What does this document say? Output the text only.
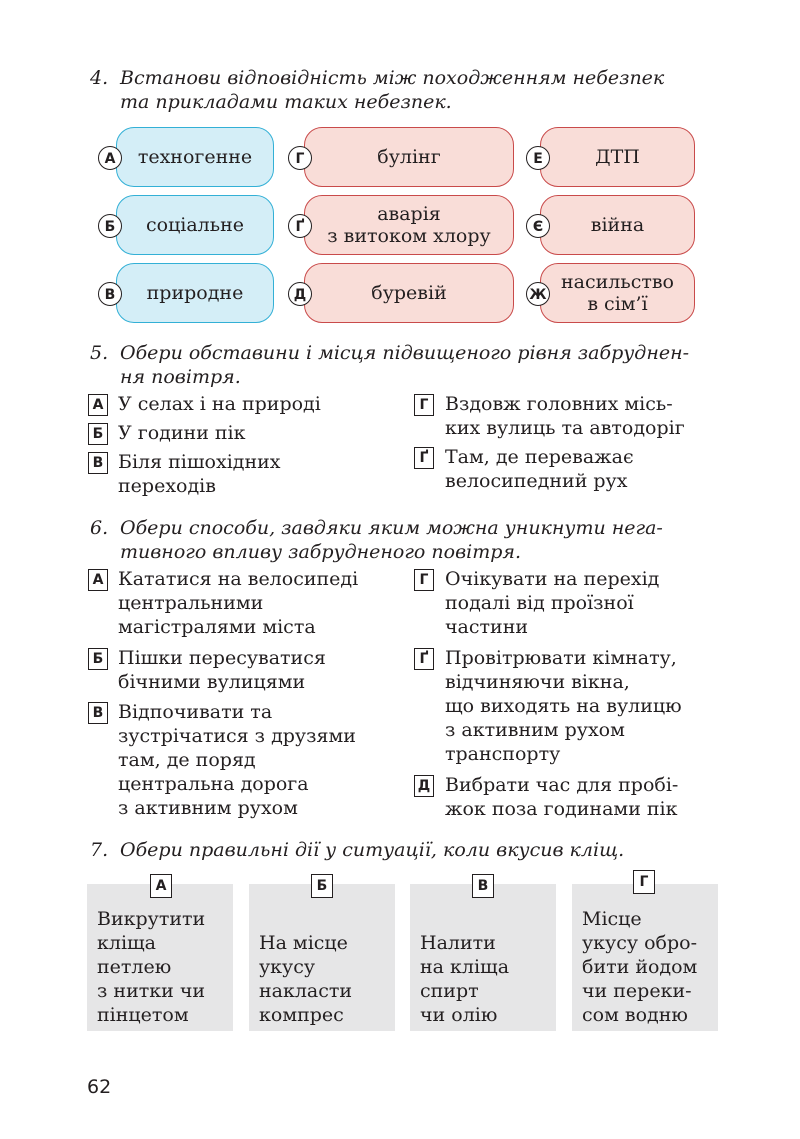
4. Встанови відповідність між походженням небезпек
та прикладами таких небезпек.
техногенне
А
соціальне
Б
природне
В
булінг
Г
аварія
з витоком хлору
Ґ
буревій
Д
ДТП
Е
війна
Є
насильство
в сім’ї
Ж
5. Обери обставини і місця підвищеного рівня забруднен-
ня повітря.
А У селах і на природі
Б У години пік
В Біля пішохідних
переходів
Г Вздовж головних місь-
ких вулиць та автодоріг
Ґ Там, де переважає
велосипедний рух
6. Обери способи, завдяки яким можна уникнути нега-
тивного впливу забрудненого повітря.
А Кататися на велосипеді
центральними
магістралями міста
Б Пішки пересуватися
бічними вулицями
В Відпочивати та
зустрічатися з друзями
там, де поряд
центральна дорога
з активним рухом
Г Очікувати на перехід
подалі від проїзної
частини
Ґ Провітрювати кімнату,
відчиняючи вікна,
що виходять на вулицю
з активним рухом
транспорту
Д Вибрати час для пробі-
жок поза годинами пік
7. Обери правильні дії у ситуації, коли вкусив кліщ.
А
Викрутити
кліща
петлею
з нитки чи
пінцетом
Б
На місце
укусу
накласти
компрес
В
Налити
на кліща
спирт
чи олію
Г
Місце
укусу обро-
бити йодом
чи переки-
сом водню
62
